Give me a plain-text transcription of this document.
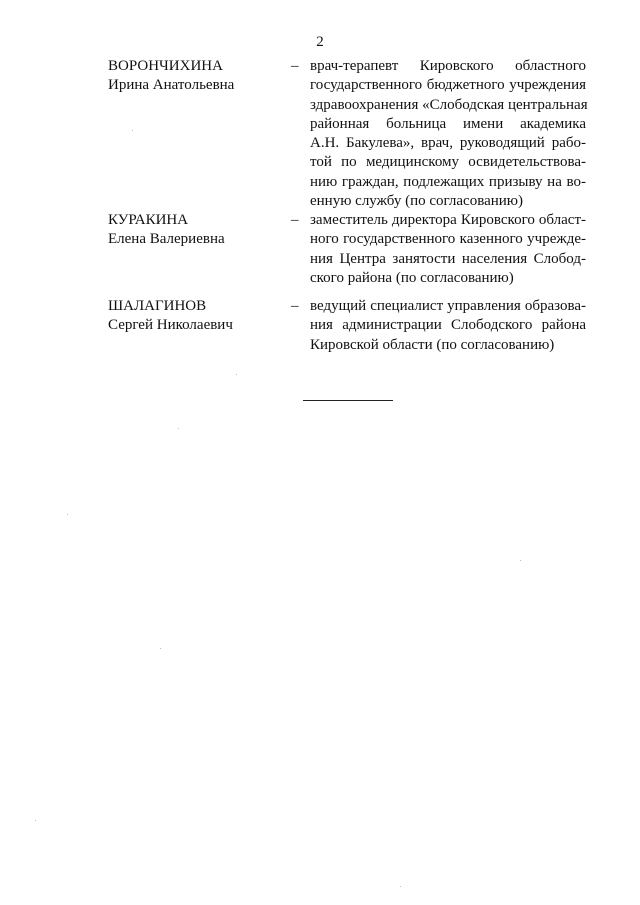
2
ВОРОНЧИХИНА
Ирина Анатольевна
– врач-терапевт Кировского областного
государственного бюджетного учреждения
здравоохранения «Слободская центральная
районная больница имени академика
А.Н. Бакулева», врач, руководящий рабо-
той по медицинскому освидетельствова-
нию граждан, подлежащих призыву на во-
енную службу (по согласованию)
КУРАКИНА
Елена Валериевна
– заместитель директора Кировского област-
ного государственного казенного учрежде-
ния Центра занятости населения Слобод-
ского района (по согласованию)
ШАЛАГИНОВ
Сергей Николаевич
– ведущий специалист управления образова-
ния администрации Слободского района
Кировской области (по согласованию)
